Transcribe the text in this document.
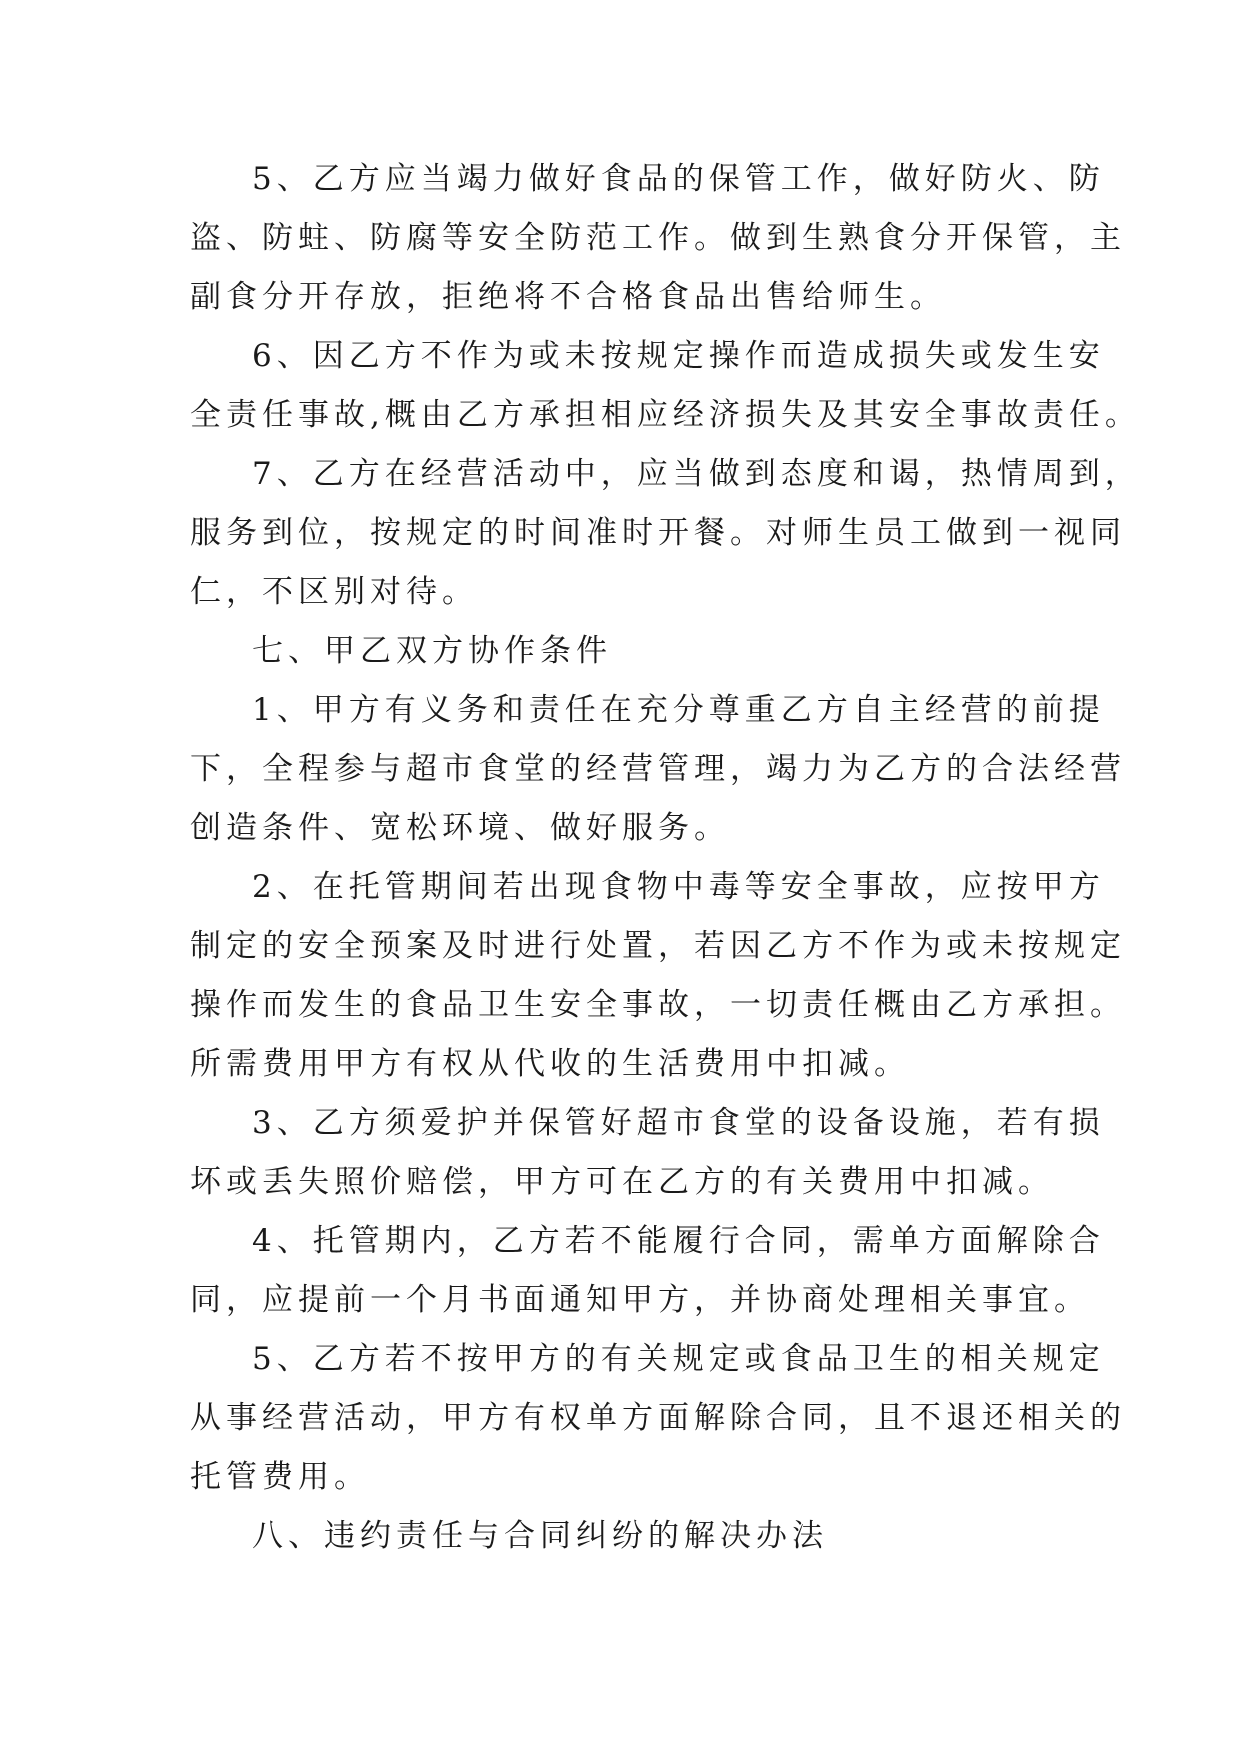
5、乙方应当竭力做好食品的保管工作，做好防火、防
盗、防蛀、防腐等安全防范工作。做到生熟食分开保管，主
副食分开存放，拒绝将不合格食品出售给师生。

6、因乙方不作为或未按规定操作而造成损失或发生安
全责任事故,概由乙方承担相应经济损失及其安全事故责任。

7、乙方在经营活动中，应当做到态度和谒，热情周到，
服务到位，按规定的时间准时开餐。对师生员工做到一视同
仁，不区别对待。

七、甲乙双方协作条件

1、甲方有义务和责任在充分尊重乙方自主经营的前提
下，全程参与超市食堂的经营管理，竭力为乙方的合法经营
创造条件、宽松环境、做好服务。

2、在托管期间若出现食物中毒等安全事故，应按甲方
制定的安全预案及时进行处置，若因乙方不作为或未按规定
操作而发生的食品卫生安全事故，一切责任概由乙方承担。
所需费用甲方有权从代收的生活费用中扣减。

3、乙方须爱护并保管好超市食堂的设备设施，若有损
坏或丢失照价赔偿，甲方可在乙方的有关费用中扣减。

4、托管期内，乙方若不能履行合同，需单方面解除合
同，应提前一个月书面通知甲方，并协商处理相关事宜。

5、乙方若不按甲方的有关规定或食品卫生的相关规定
从事经营活动，甲方有权单方面解除合同，且不退还相关的
托管费用。

八、违约责任与合同纠纷的解决办法
